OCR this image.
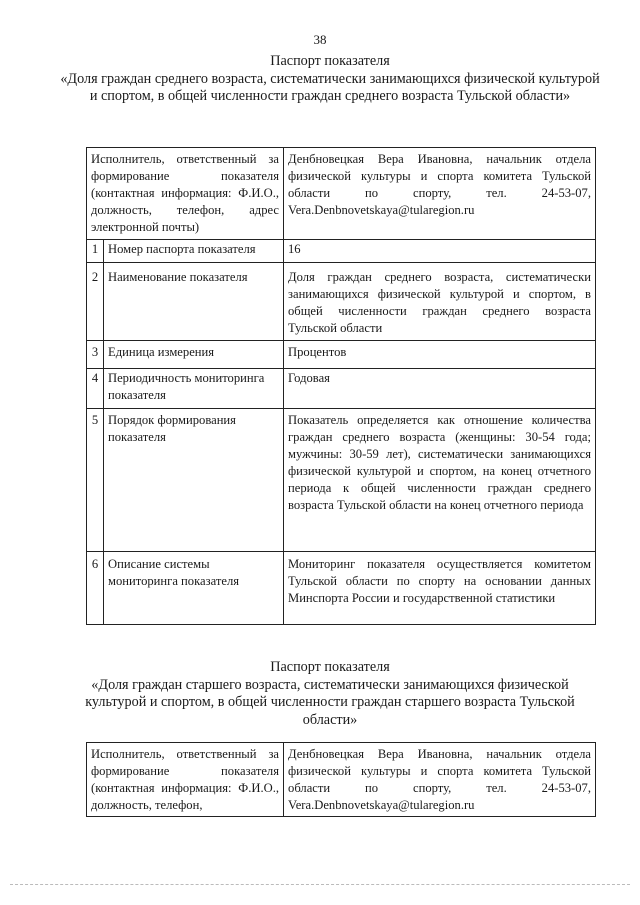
38
Паспорт показателя
«Доля граждан среднего возраста, систематически занимающихся физической культурой и спортом, в общей численности граждан среднего возраста Тульской области»
Исполнитель, ответственный за формирование показателя (контактная информация: Ф.И.О., должность, телефон, адрес электронной почты)		Денбновецкая Вера Ивановна, начальник отдела физической культуры и спорта комитета Тульской области по спорту, тел. 24-53-07, Vera.Denbnovetskaya@tularegion.ru
1	Номер паспорта показателя	16
2	Наименование показателя	Доля граждан среднего возраста, систематически занимающихся физической культурой и спортом, в общей численности граждан среднего возраста Тульской области
3	Единица измерения	Процентов
4	Периодичность мониторинга показателя	Годовая
5	Порядок формирования показателя	Показатель определяется как отношение количества граждан среднего возраста (женщины: 30-54 года; мужчины: 30-59 лет), систематически занимающихся физической культурой и спортом, на конец отчетного периода к общей численности граждан среднего возраста Тульской области на конец отчетного периода
6	Описание системы мониторинга показателя	Мониторинг показателя осуществляется комитетом Тульской области по спорту на основании данных Минспорта России и государственной статистики
Паспорт показателя
«Доля граждан старшего возраста, систематически занимающихся физической культурой и спортом, в общей численности граждан старшего возраста Тульской области»
Исполнитель, ответственный за формирование показателя (контактная информация: Ф.И.О., должность, телефон,	Денбновецкая Вера Ивановна, начальник отдела физической культуры и спорта комитета Тульской области по спорту, тел. 24-53-07, Vera.Denbnovetskaya@tularegion.ru
